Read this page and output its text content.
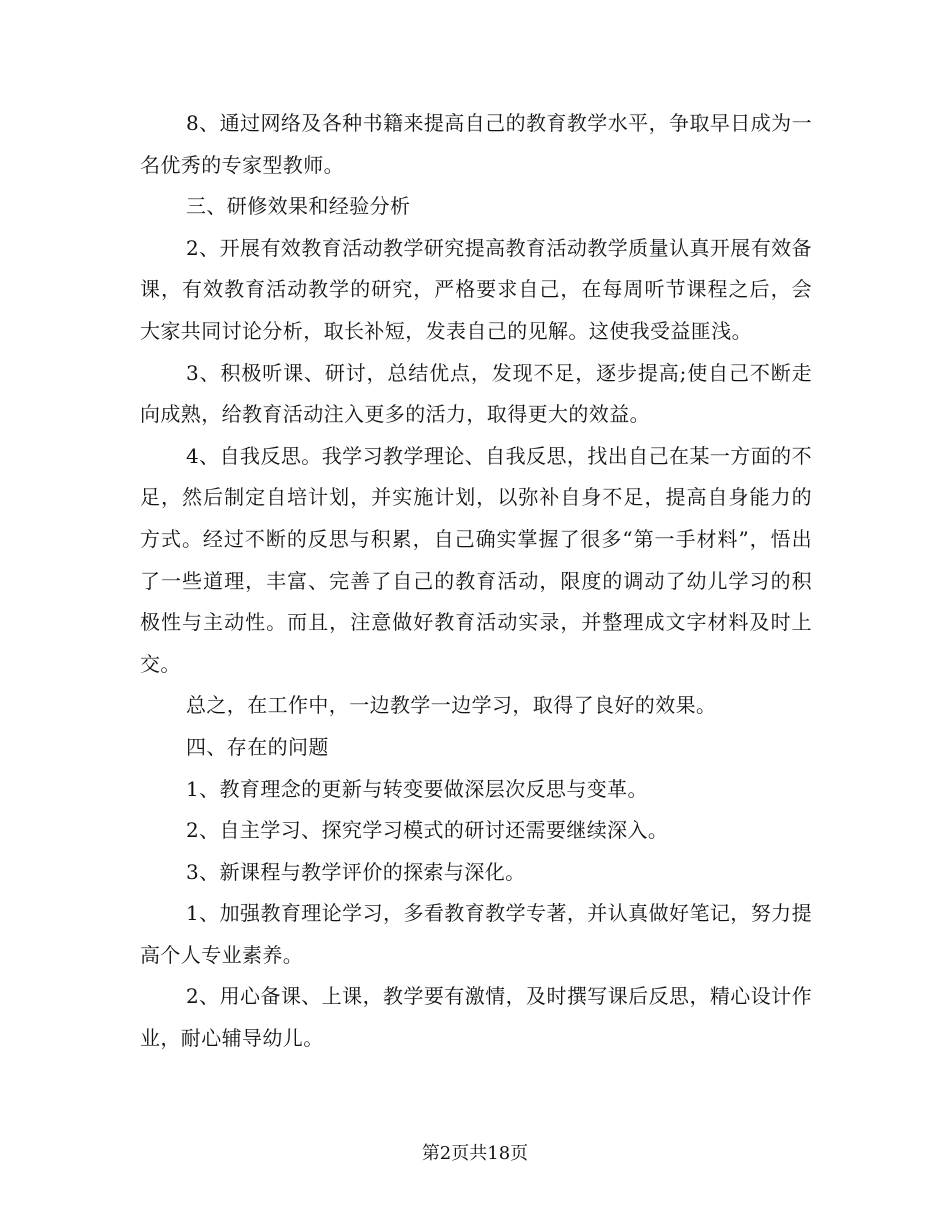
8、通过网络及各种书籍来提高自己的教育教学水平，争取早日成为一名优秀的专家型教师。

三、研修效果和经验分析

2、开展有效教育活动教学研究提高教育活动教学质量认真开展有效备课，有效教育活动教学的研究，严格要求自己，在每周听节课程之后，会大家共同讨论分析，取长补短，发表自己的见解。这使我受益匪浅。

3、积极听课、研讨，总结优点，发现不足，逐步提高;使自己不断走向成熟，给教育活动注入更多的活力，取得更大的效益。

4、自我反思。我学习教学理论、自我反思，找出自己在某一方面的不足，然后制定自培计划，并实施计划，以弥补自身不足，提高自身能力的方式。经过不断的反思与积累，自己确实掌握了很多“第一手材料”，悟出了一些道理，丰富、完善了自己的教育活动，限度的调动了幼儿学习的积极性与主动性。而且，注意做好教育活动实录，并整理成文字材料及时上交。

总之，在工作中，一边教学一边学习，取得了良好的效果。

四、存在的问题

1、教育理念的更新与转变要做深层次反思与变革。

2、自主学习、探究学习模式的研讨还需要继续深入。

3、新课程与教学评价的探索与深化。

1、加强教育理论学习，多看教育教学专著，并认真做好笔记，努力提高个人专业素养。

2、用心备课、上课，教学要有激情，及时撰写课后反思，精心设计作业，耐心辅导幼儿。

第2页共18页
